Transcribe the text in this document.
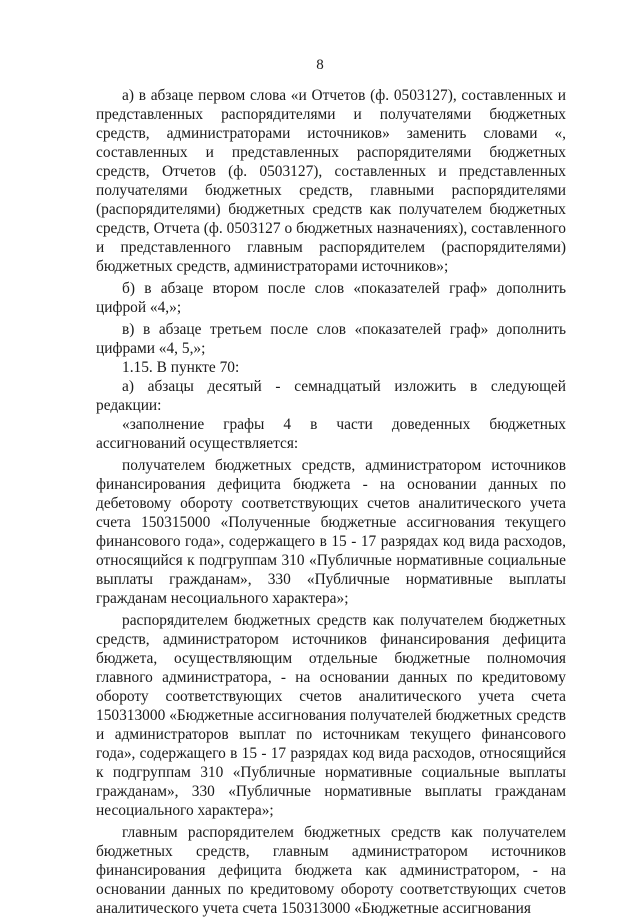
8

а) в абзаце первом слова «и Отчетов (ф. 0503127), составленных и представленных распорядителями и получателями бюджетных средств, администраторами источников» заменить словами «, составленных и представленных распорядителями бюджетных средств, Отчетов (ф. 0503127), составленных и представленных получателями бюджетных средств, главными распорядителями (распорядителями) бюджетных средств как получателем бюджетных средств, Отчета (ф. 0503127 о бюджетных назначениях), составленного и представленного главным распорядителем (распорядителями) бюджетных средств, администраторами источников»;

б) в абзаце втором после слов «показателей граф» дополнить цифрой «4,»;

в) в абзаце третьем после слов «показателей граф» дополнить цифрами «4, 5,»;

1.15. В пункте 70:

а) абзацы десятый - семнадцатый изложить в следующей редакции:

«заполнение графы 4 в части доведенных бюджетных ассигнований осуществляется:

получателем бюджетных средств, администратором источников финансирования дефицита бюджета - на основании данных по дебетовому обороту соответствующих счетов аналитического учета счета 150315000 «Полученные бюджетные ассигнования текущего финансового года», содержащего в 15 - 17 разрядах код вида расходов, относящийся к подгруппам 310 «Публичные нормативные социальные выплаты гражданам», 330 «Публичные нормативные выплаты гражданам несоциального характера»;

распорядителем бюджетных средств как получателем бюджетных средств, администратором источников финансирования дефицита бюджета, осуществляющим отдельные бюджетные полномочия главного администратора, - на основании данных по кредитовому обороту соответствующих счетов аналитического учета счета 150313000 «Бюджетные ассигнования получателей бюджетных средств и администраторов выплат по источникам текущего финансового года», содержащего в 15 - 17 разрядах код вида расходов, относящийся к подгруппам 310 «Публичные нормативные социальные выплаты гражданам», 330 «Публичные нормативные выплаты гражданам несоциального характера»;

главным распорядителем бюджетных средств как получателем бюджетных средств, главным администратором источников финансирования дефицита бюджета как администратором, - на основании данных по кредитовому обороту соответствующих счетов аналитического учета счета 150313000 «Бюджетные ассигнования
